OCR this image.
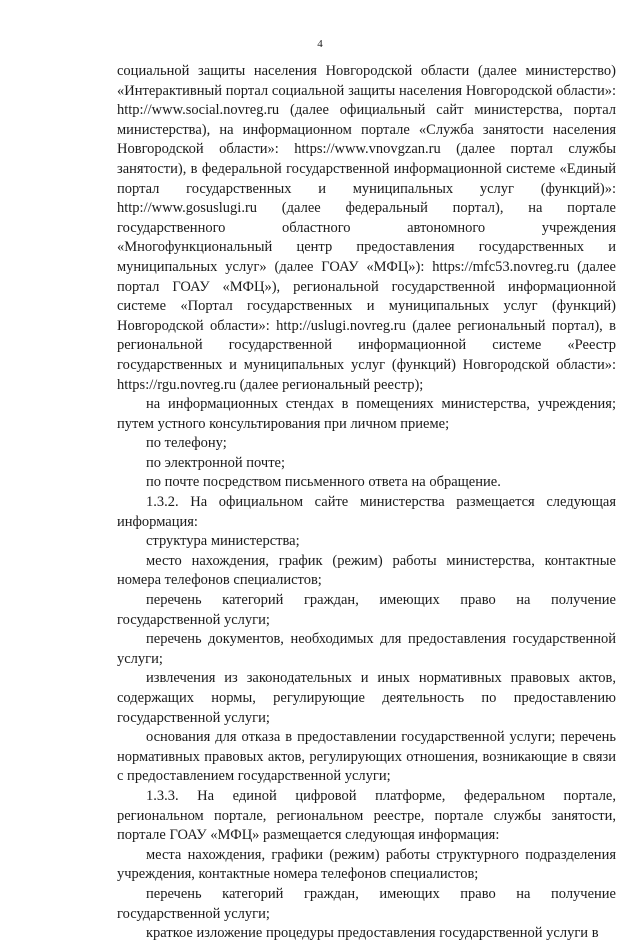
4

социальной защиты населения Новгородской области (далее министерство) «Интерактивный портал социальной защиты населения Новгородской области»: http://www.social.novreg.ru (далее официальный сайт министерства, портал министерства), на информационном портале «Служба занятости населения Новгородской области»: https://www.vnovgzan.ru (далее портал службы занятости), в федеральной государственной информационной системе «Единый портал государственных и муниципальных услуг (функций)»: http://www.gosuslugi.ru (далее федеральный портал), на портале государственного областного автономного учреждения «Многофункциональный центр предоставления государственных и муниципальных услуг» (далее ГОАУ «МФЦ»): https://mfc53.novreg.ru (далее портал ГОАУ «МФЦ»), региональной государственной информационной системе «Портал государственных и муниципальных услуг (функций) Новгородской области»: http://uslugi.novreg.ru (далее региональный портал), в региональной государственной информационной системе «Реестр государственных и муниципальных услуг (функций) Новгородской области»: https://rgu.novreg.ru (далее региональный реестр);

на информационных стендах в помещениях министерства, учреждения; путем устного консультирования при личном приеме;

по телефону;

по электронной почте;

по почте посредством письменного ответа на обращение.

1.3.2. На официальном сайте министерства размещается следующая информация:

структура министерства;

место нахождения, график (режим) работы министерства, контактные номера телефонов специалистов;

перечень категорий граждан, имеющих право на получение государственной услуги;

перечень документов, необходимых для предоставления государственной услуги;

извлечения из законодательных и иных нормативных правовых актов, содержащих нормы, регулирующие деятельность по предоставлению государственной услуги;

основания для отказа в предоставлении государственной услуги; перечень нормативных правовых актов, регулирующих отношения, возникающие в связи с предоставлением государственной услуги;

1.3.3. На единой цифровой платформе, федеральном портале, региональном портале, региональном реестре, портале службы занятости, портале ГОАУ «МФЦ» размещается следующая информация:

места нахождения, графики (режим) работы структурного подразделения учреждения, контактные номера телефонов специалистов;

перечень категорий граждан, имеющих право на получение государственной услуги;

краткое изложение процедуры предоставления государственной услуги в
